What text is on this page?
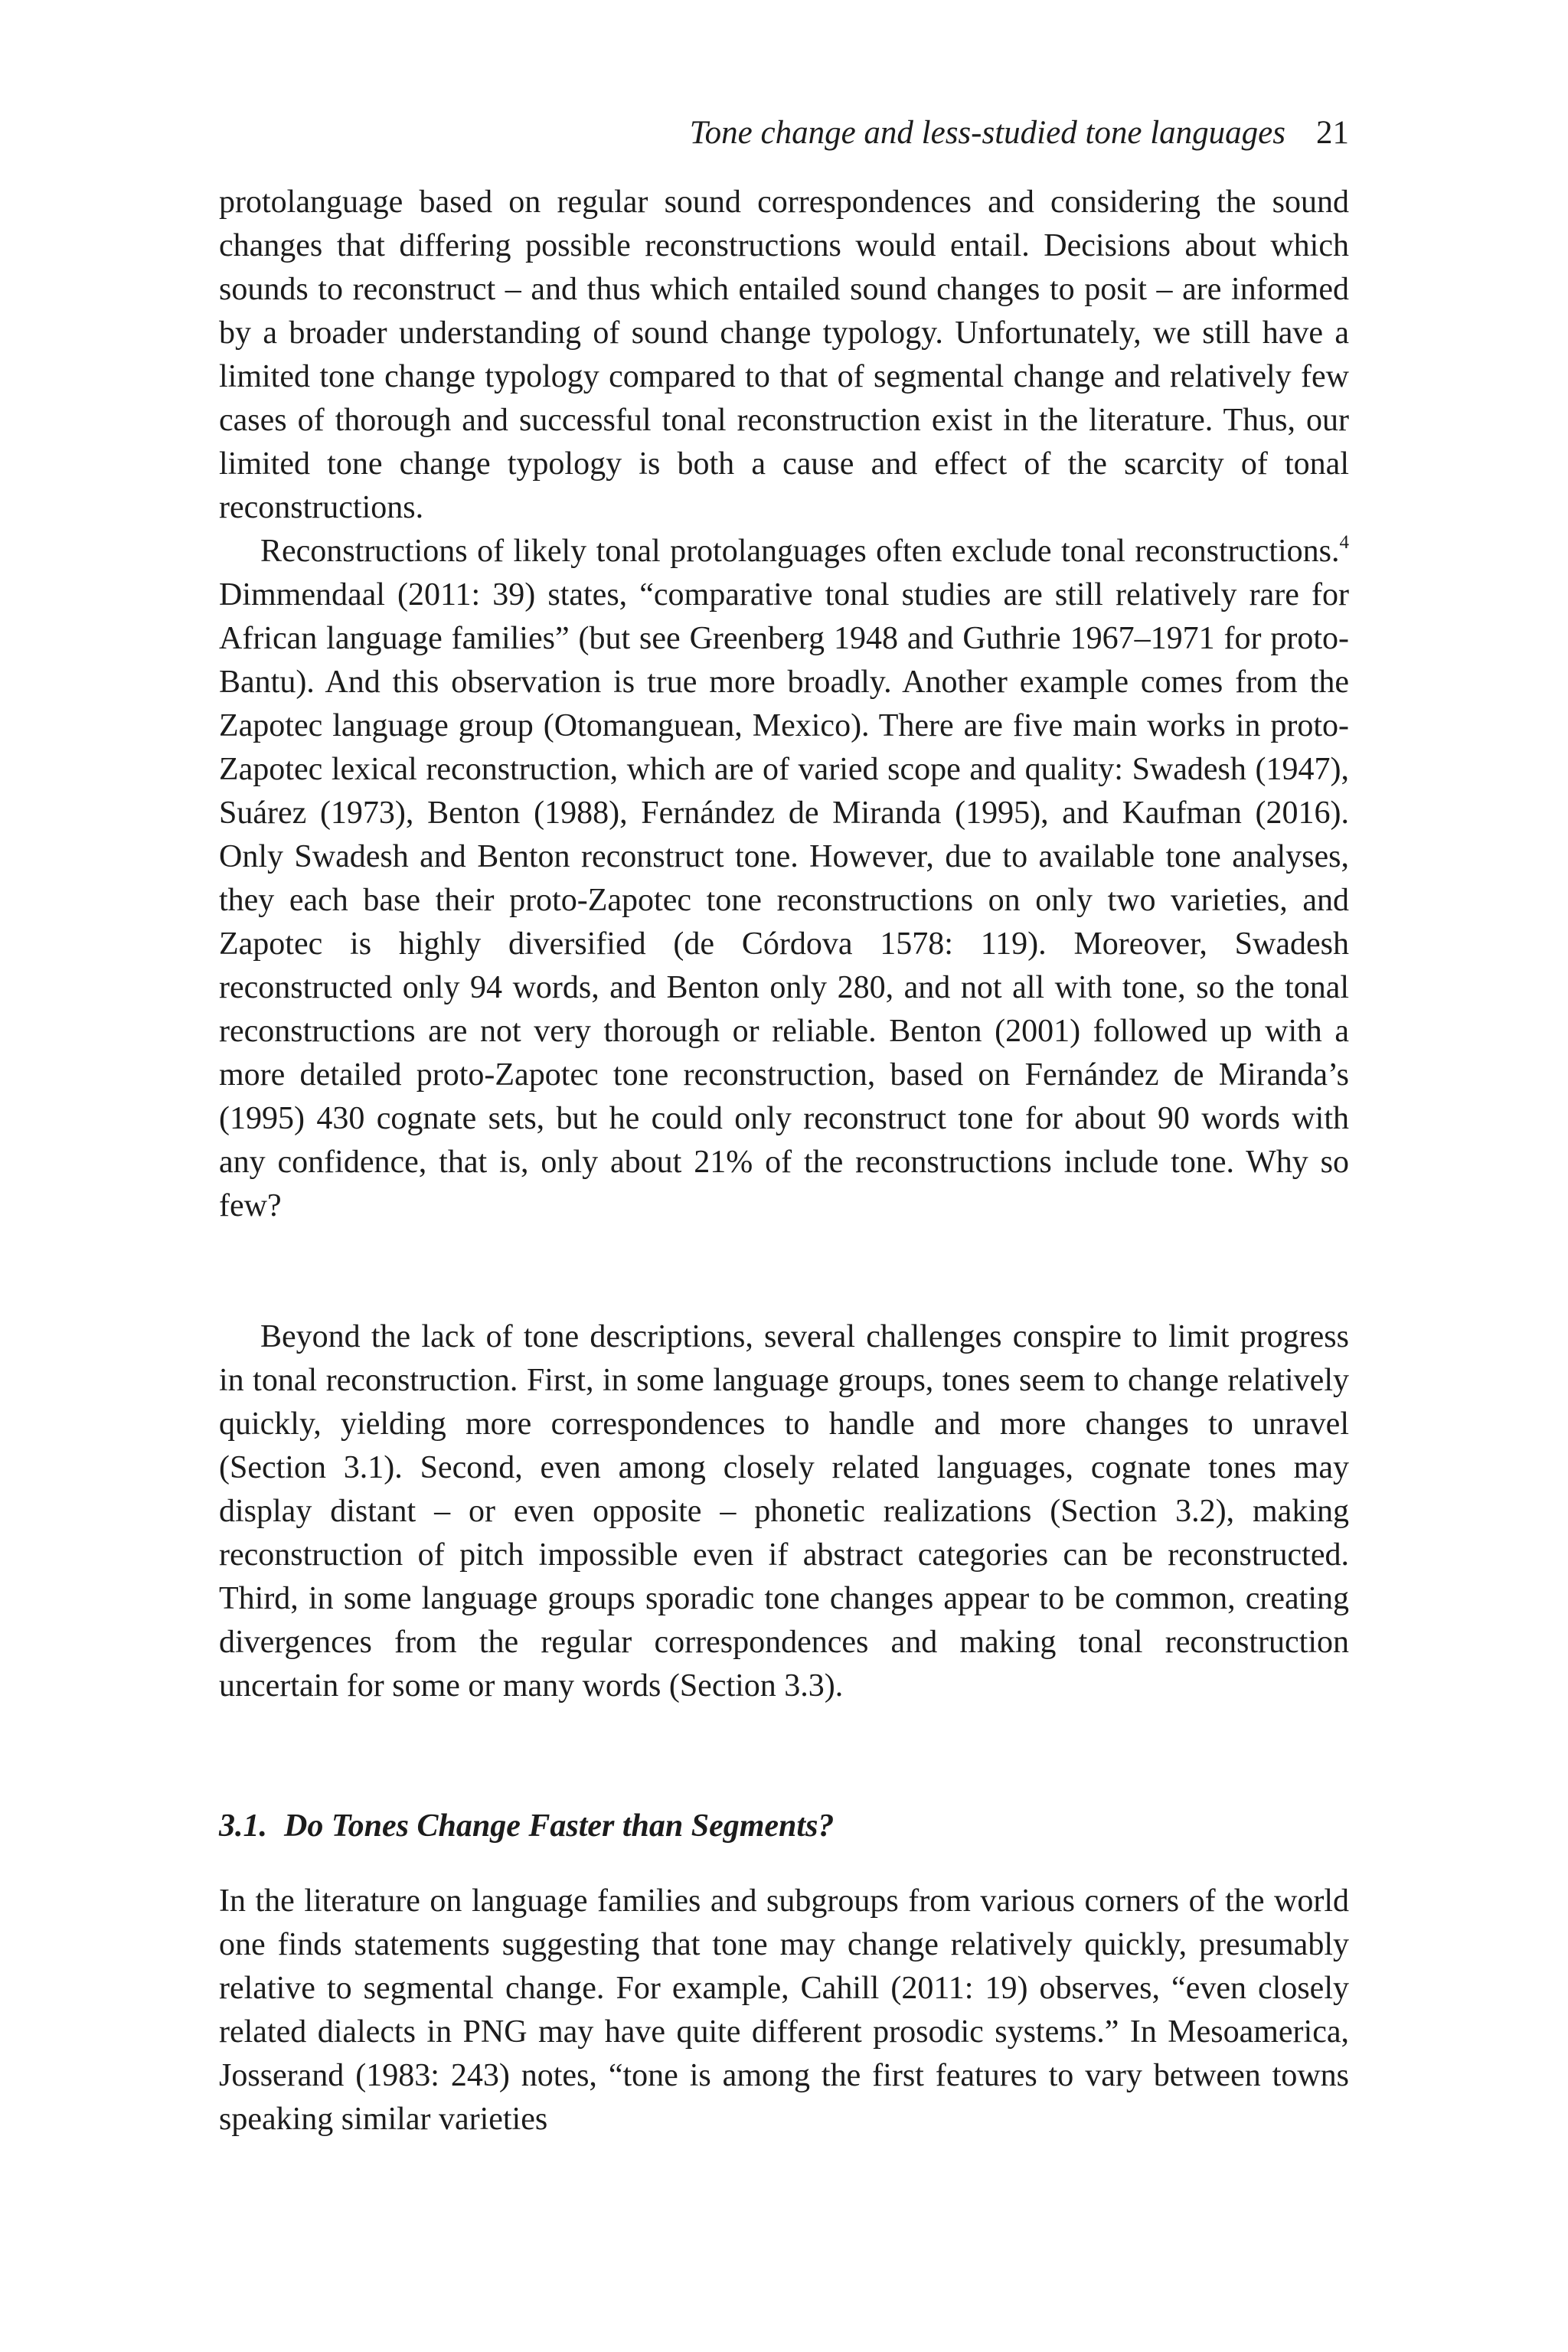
Tone change and less-studied tone languages 21

protolanguage based on regular sound correspondences and considering the sound changes that differing possible reconstructions would entail. Decisions about which sounds to reconstruct – and thus which entailed sound changes to posit – are informed by a broader understanding of sound change typology. Unfortunately, we still have a limited tone change typology compared to that of segmental change and relatively few cases of thorough and successful tonal reconstruction exist in the literature. Thus, our limited tone change typology is both a cause and effect of the scarcity of tonal reconstructions.

Reconstructions of likely tonal protolanguages often exclude tonal reconstructions.$^4$ Dimmendaal (2011: 39) states, “comparative tonal studies are still relatively rare for African language families” (but see Greenberg 1948 and Guthrie 1967–1971 for proto-Bantu). And this observation is true more broadly. Another example comes from the Zapotec language group (Otomanguean, Mexico). There are five main works in proto-Zapotec lexical reconstruction, which are of varied scope and quality: Swadesh (1947), Suárez (1973), Benton (1988), Fernández de Miranda (1995), and Kaufman (2016). Only Swadesh and Benton reconstruct tone. However, due to available tone analyses, they each base their proto-Zapotec tone reconstructions on only two varieties, and Zapotec is highly diversified (de Córdova 1578: 119). Moreover, Swadesh reconstructed only 94 words, and Benton only 280, and not all with tone, so the tonal reconstructions are not very thorough or reliable. Benton (2001) followed up with a more detailed proto-Zapotec tone reconstruction, based on Fernández de Miranda’s (1995) 430 cognate sets, but he could only reconstruct tone for about 90 words with any confidence, that is, only about 21% of the reconstructions include tone. Why so few?

Beyond the lack of tone descriptions, several challenges conspire to limit progress in tonal reconstruction. First, in some language groups, tones seem to change relatively quickly, yielding more correspondences to handle and more changes to unravel (Section 3.1). Second, even among closely related languages, cognate tones may display distant – or even opposite – phonetic realizations (Section 3.2), making reconstruction of pitch impossible even if abstract categories can be reconstructed. Third, in some language groups sporadic tone changes appear to be common, creating divergences from the regular correspondences and making tonal reconstruction uncertain for some or many words (Section 3.3).

3.1. Do Tones Change Faster than Segments?

In the literature on language families and subgroups from various corners of the world one finds statements suggesting that tone may change relatively quickly, presumably relative to segmental change. For example, Cahill (2011: 19) observes, “even closely related dialects in PNG may have quite different prosodic systems.” In Mesoamerica, Josserand (1983: 243) notes, “tone is among the first features to vary between towns speaking similar varieties
